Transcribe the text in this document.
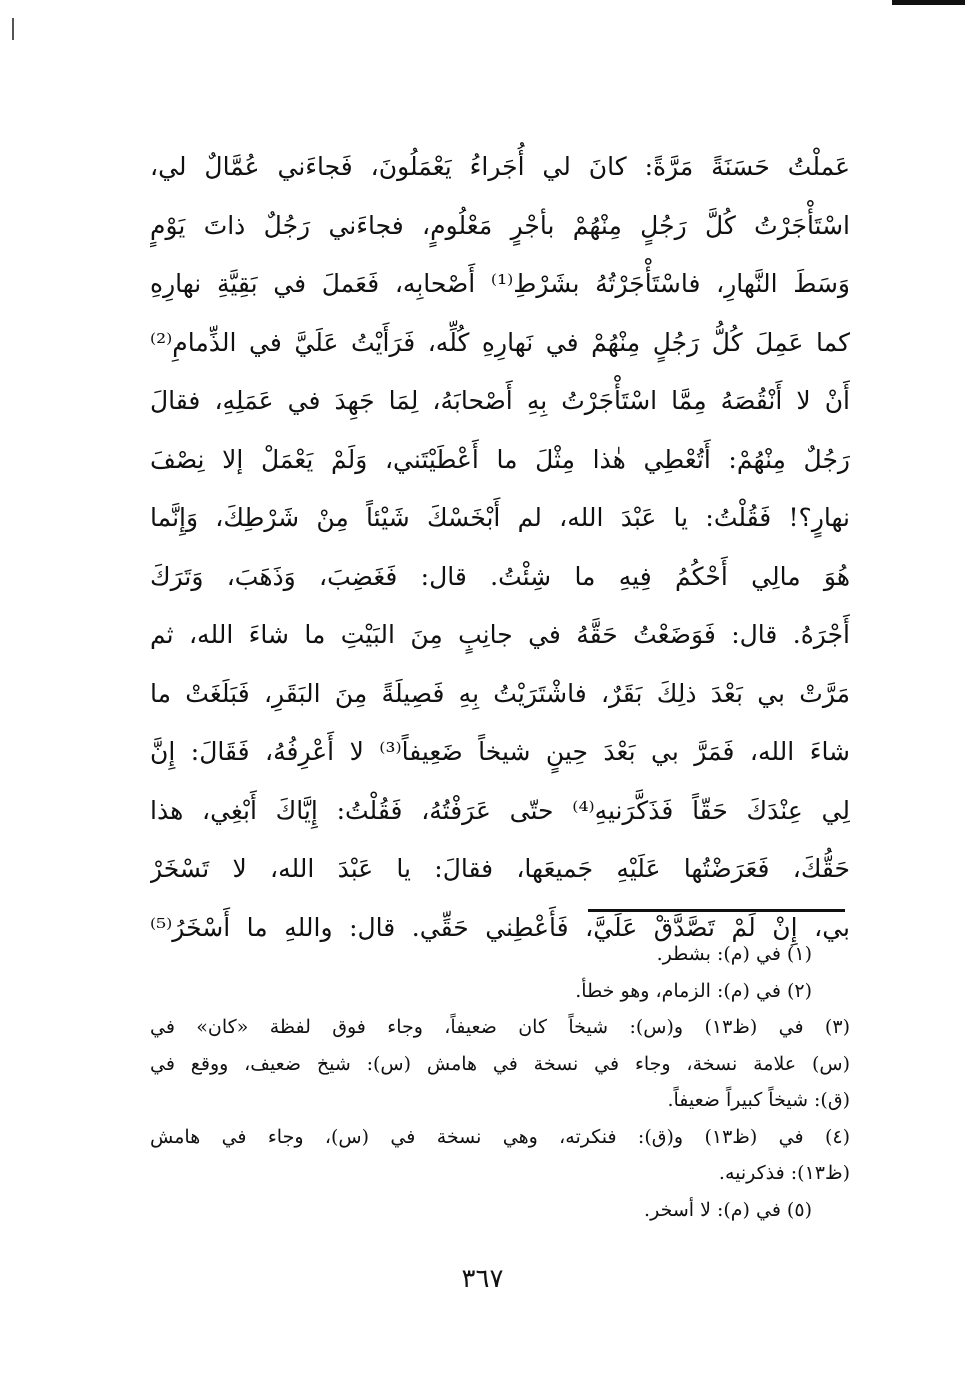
عَملْتُ حَسَنَةً مَرَّةً: كانَ لي أُجَراءُ يَعْمَلُونَ، فَجاءَني عُمَّالٌ لي،
اسْتَأْجَرْتُ كُلَّ رَجُلٍ مِنْهُمْ بأجْرٍ مَعْلُومٍ، فجاءَني رَجُلٌ ذاتَ يَوْمٍ
وَسَطَ النَّهارِ، فاسْتَأْجَرْتُهُ بشَرْطِ⁽¹⁾ أَصْحابِه، فَعَملَ في بَقِيَّةِ نهارِهِ
كما عَمِلَ كُلُّ رَجُلٍ مِنْهُمْ في نَهارِهِ كُلِّه، فَرَأَيْتُ عَلَيَّ في الذِّمامِ⁽²⁾
أَنْ لا أَنْقُصَهُ مِمَّا اسْتَأْجَرْتُ بِهِ أَصْحابَهُ، لِمَا جَهِدَ في عَمَلِهِ، فقالَ
رَجُلٌ مِنْهُمْ: أَتُعْطِي هٰذا مِثْلَ ما أَعْطَيْتَني، وَلَمْ يَعْمَلْ إلا نِصْفَ
نهارٍ؟! فَقُلْتُ: يا عَبْدَ الله، لم أَبْخَسْكَ شَيْئاً مِنْ شَرْطِكَ، وَإِنَّما
هُوَ مالِي أَحْكُمُ فِيهِ ما شِئْتُ. قال: فَغَضِبَ، وَذَهَبَ، وَتَرَكَ
أَجْرَهُ. قال: فَوَضَعْتُ حَقَّهُ في جانِبٍ مِنَ البَيْتِ ما شاءَ الله، ثم
مَرَّتْ بي بَعْدَ ذلِكَ بَقَرٌ، فاشْتَرَيْتُ بِهِ فَصِيلَةً مِنَ البَقَرِ، فَبَلَغَتْ ما
شاءَ الله، فَمَرَّ بي بَعْدَ حِينٍ شيخاً ضَعِيفاً⁽³⁾ لا أَعْرِفُهُ، فَقَالَ: إِنَّ
لِي عِنْدَكَ حَقّاً فَذَكَّرَنيهِ⁽⁴⁾ حتّى عَرَفْتُهُ، فَقُلْتُ: إِيَّاكَ أَبْغِي، هذا
حَقُّكَ، فَعَرَضْتُها عَلَيْهِ جَميعَها، فقالَ: يا عَبْدَ الله، لا تَسْخَرْ
بي، إِنْ لَمْ تَصَّدَّقْ عَلَيَّ، فَأَعْطِني حَقِّي. قال: واللهِ ما أَسْخَرُ⁽⁵⁾
(١) في (م): بشطر.
(٢) في (م): الزمام، وهو خطأ.
(٣) في (ظ١٣) و(س): شيخاً كان ضعيفاً، وجاء فوق لفظة «كان» في
(س) علامة نسخة، وجاء في نسخة في هامش (س): شيخ ضعيف، ووقع في
(ق): شيخاً كبيراً ضعيفاً.
(٤) في (ظ١٣) و(ق): فنكرته، وهي نسخة في (س)، وجاء في هامش
(ظ١٣): فذكرنيه.
(٥) في (م): لا أسخر.
٣٦٧
